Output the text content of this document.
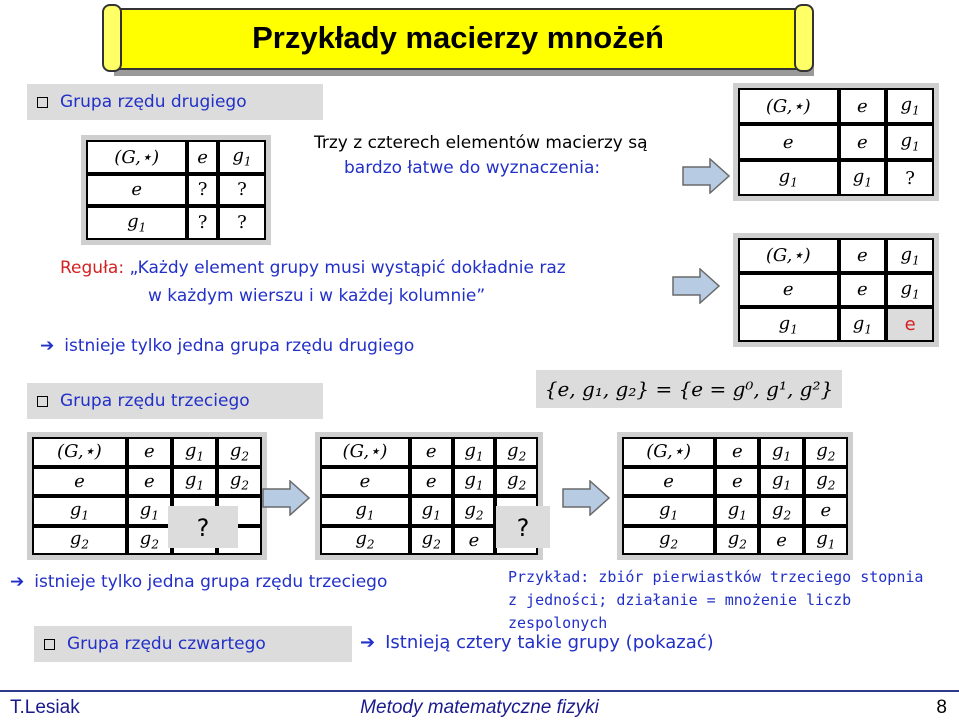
Przykłady macierzy mnożeń
Grupa rzędu drugiego
(G,⋆)	e	$g_1$
e	?	?
$g_1$	?	?
Trzy z czterech elementów macierzy są
bardzo łatwe do wyznaczenia:
(G,⋆)	e	$g_1$
e	e	$g_1$
$g_1$	$g_1$	?
Reguła: „Każdy element grupy musi wystąpić dokładnie raz
w każdym wierszu i w każdej kolumnie”
(G,⋆)	e	$g_1$
e	e	$g_1$
$g_1$	$g_1$	e
➔ istnieje tylko jedna grupa rzędu drugiego
Grupa rzędu trzeciego	{e, g₁, g₂} = {e = g⁰, g¹, g²}
(G,⋆)	e	$g_1$	$g_2$
e	e	$g_1$	$g_2$
$g_1$	$g_1$		
$g_2$	$g_2$		
?
(G,⋆)	e	$g_1$	$g_2$
e	e	$g_1$	$g_2$
$g_1$	$g_1$	$g_2$	
$g_2$	$g_2$	e		?
(G,⋆)	e	$g_1$	$g_2$
e	e	$g_1$	$g_2$
$g_1$	$g_1$	$g_2$	e
$g_2$	$g_2$	e	$g_1$
➔ istnieje tylko jedna grupa rzędu trzeciego	Przykład: zbiór pierwiastków trzeciego stopnia
z jedności; działanie = mnożenie liczb zespolonych
Grupa rzędu czwartego	➔ Istnieją cztery takie grupy (pokazać)
T.Lesiak	Metody matematyczne fizyki	8
